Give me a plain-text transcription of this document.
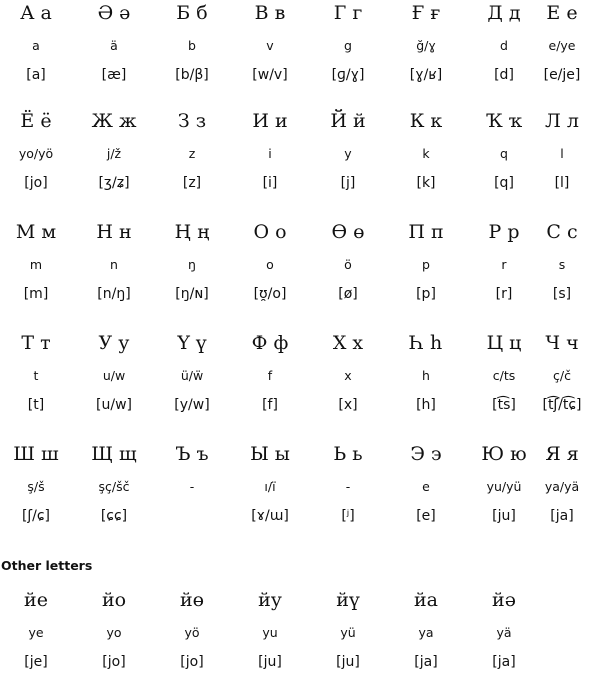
А а
a
[a]
Ә ә
ä
[æ]
Б б
b
[b/β]
В в
v
[w/v]
Г г
g
[ɡ/ɣ]
Ғ ғ
ğ/ɣ
[ɣ/ʁ]
Д д
d
[d]
Е е
e/ye
[e/je]
Ё ё
yo/yö
[jo]
Ж ж
j/ž
[ʒ/ʑ]
З з
z
[z]
И и
i
[i]
Й й
y
[j]
К к
k
[k]
Ҡ ҡ
q
[q]
Л л
l
[l]
М м
m
[m]
Н н
n
[n/ŋ]
Ң ң
ŋ
[ŋ/ɴ]
О о
o
[ʊ̯/o]
Ө ө
ö
[ø]
П п
p
[p]
Р р
r
[r]
С с
s
[s]
Т т
t
[t]
У у
u/w
[u/w]
Ү ү
ü/ẅ
[y/w]
Ф ф
f
[f]
Х х
x
[x]
Һ һ
h
[h]
Ц ц
c/ts
[t͡s]
Ч ч
ç/č
[t͡ʃ/t͡ɕ]
Ш ш
ş/š
[ʃ/ɕ]
Щ щ
şç/šč
[ɕɕ]
Ъ ъ
-
Ы ы
ı/ï
[ɤ/ɯ]
Ь ь
-
[ʲ]
Э э
e
[e]
Ю ю
yu/yü
[ju]
Я я
ya/yä
[ja]
Other letters
йе
ye
[je]
йо
yo
[jo]
йө
yö
[jo]
йу
yu
[ju]
йү
yü
[ju]
йа
ya
[ja]
йә
yä
[ja]
